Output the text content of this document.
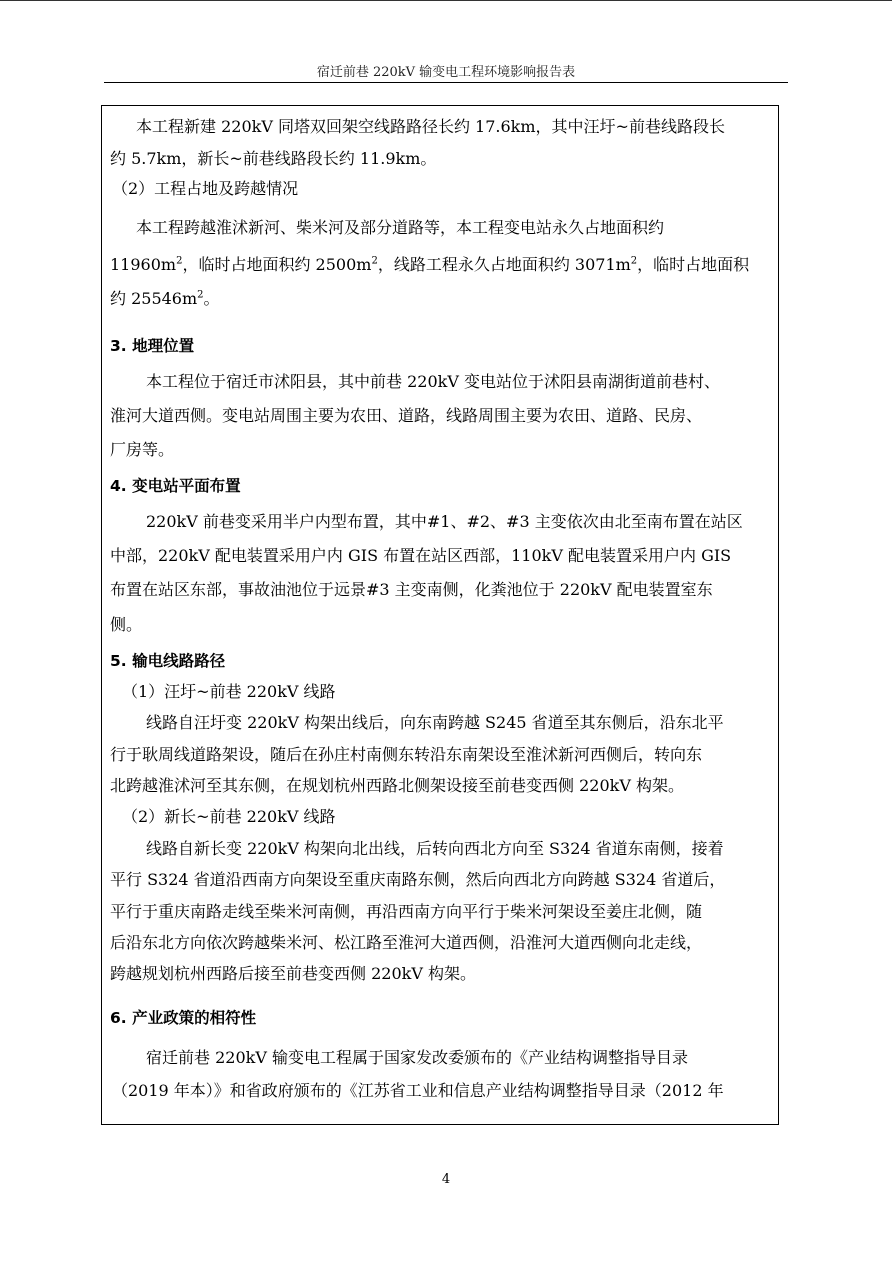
宿迁前巷 220kV 输变电工程环境影响报告表

本工程新建 220kV 同塔双回架空线路路径长约 17.6km，其中汪圩~前巷线路段长

约 5.7km，新长~前巷线路段长约 11.9km。

（2）工程占地及跨越情况

本工程跨越淮沭新河、柴米河及部分道路等，本工程变电站永久占地面积约

$11960m^2$，临时占地面积约 $2500m^2$，线路工程永久占地面积约 $3071m^2$，临时占地面积

约 $25546m^2$。

3. 地理位置

本工程位于宿迁市沭阳县，其中前巷 220kV 变电站位于沭阳县南湖街道前巷村、

淮河大道西侧。变电站周围主要为农田、道路，线路周围主要为农田、道路、民房、

厂房等。

4. 变电站平面布置

220kV 前巷变采用半户内型布置，其中#1、#2、#3 主变依次由北至南布置在站区

中部，220kV 配电装置采用户内 GIS 布置在站区西部，110kV 配电装置采用户内 GIS

布置在站区东部，事故油池位于远景#3 主变南侧，化粪池位于 220kV 配电装置室东

侧。

5. 输电线路路径

（1）汪圩~前巷 220kV 线路

线路自汪圩变 220kV 构架出线后，向东南跨越 S245 省道至其东侧后，沿东北平

行于耿周线道路架设，随后在孙庄村南侧东转沿东南架设至淮沭新河西侧后，转向东

北跨越淮沭河至其东侧，在规划杭州西路北侧架设接至前巷变西侧 220kV 构架。

（2）新长~前巷 220kV 线路

线路自新长变 220kV 构架向北出线，后转向西北方向至 S324 省道东南侧，接着

平行 S324 省道沿西南方向架设至重庆南路东侧，然后向西北方向跨越 S324 省道后，

平行于重庆南路走线至柴米河南侧，再沿西南方向平行于柴米河架设至姜庄北侧，随

后沿东北方向依次跨越柴米河、松江路至淮河大道西侧，沿淮河大道西侧向北走线，

跨越规划杭州西路后接至前巷变西侧 220kV 构架。

6. 产业政策的相符性

宿迁前巷 220kV 输变电工程属于国家发改委颁布的《产业结构调整指导目录

（2019 年本）》和省政府颁布的《江苏省工业和信息产业结构调整指导目录（2012 年

4
